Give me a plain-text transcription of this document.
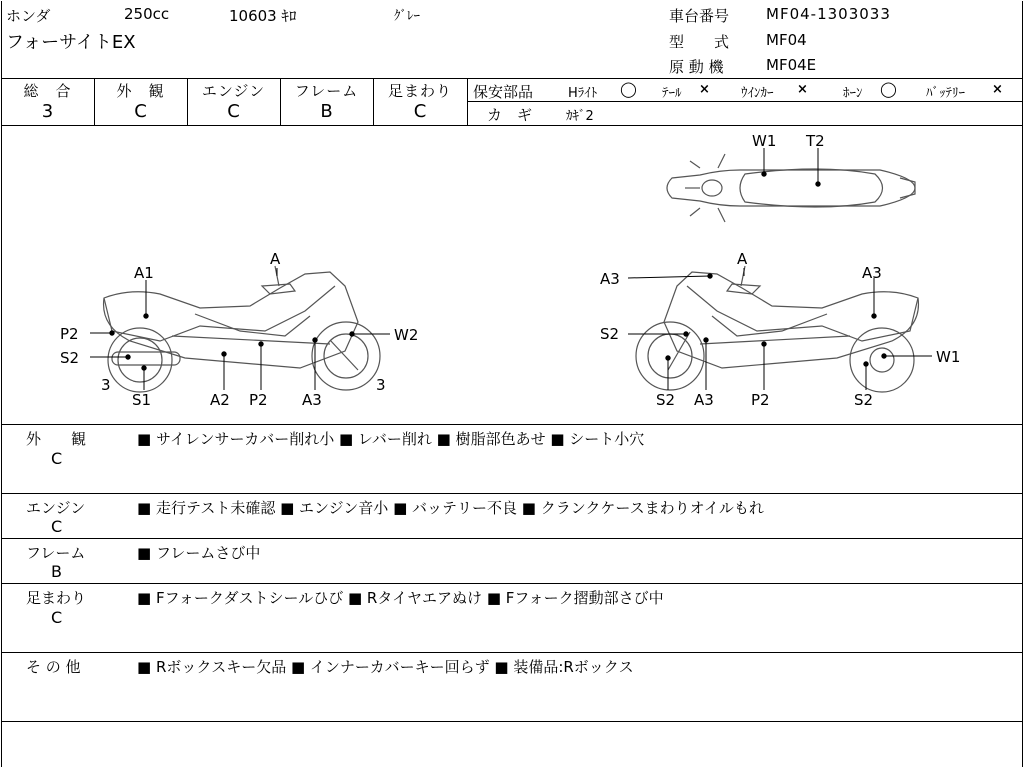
ホンダ	250cc	10603 ｷﾛ	ｸﾞﾚｰ
フォーサイトEX
車台番号 MF04-1303033
型　　式 MF04
原 動 機	MF04E
総　合
3
外　観
C
エンジン
C
フレーム
B
足まわり
C
保安部品	Hﾗｲﾄ ◯ ﾃｰﾙ × ｳｲﾝｶｰ ×	ﾎｰﾝ ◯ ﾊﾞｯﾃﾘｰ ×
カ　ギ	ｶｷﾞ2
W1 T2
A1
A
P2	W2
S2
3	3
S1	A2 P2 A3
A3
A
A3
S2
W1
S2 A3 P2	S2
外　　観
C
■ サイレンサーカバー削れ小 ■ レバー削れ ■ 樹脂部色あせ ■ シート小穴
エンジン
C
■ 走行テスト未確認 ■ エンジン音小 ■ バッテリー不良 ■ クランクケースまわりオイルもれ
フレーム
B
■ フレームさび中
足まわり
C
■ Fフォークダストシールひび ■ Rタイヤエアぬけ ■ Fフォーク摺動部さび中
そ の 他	■ Rボックスキー欠品 ■ インナーカバーキー回らず ■ 装備品:Rボックス
